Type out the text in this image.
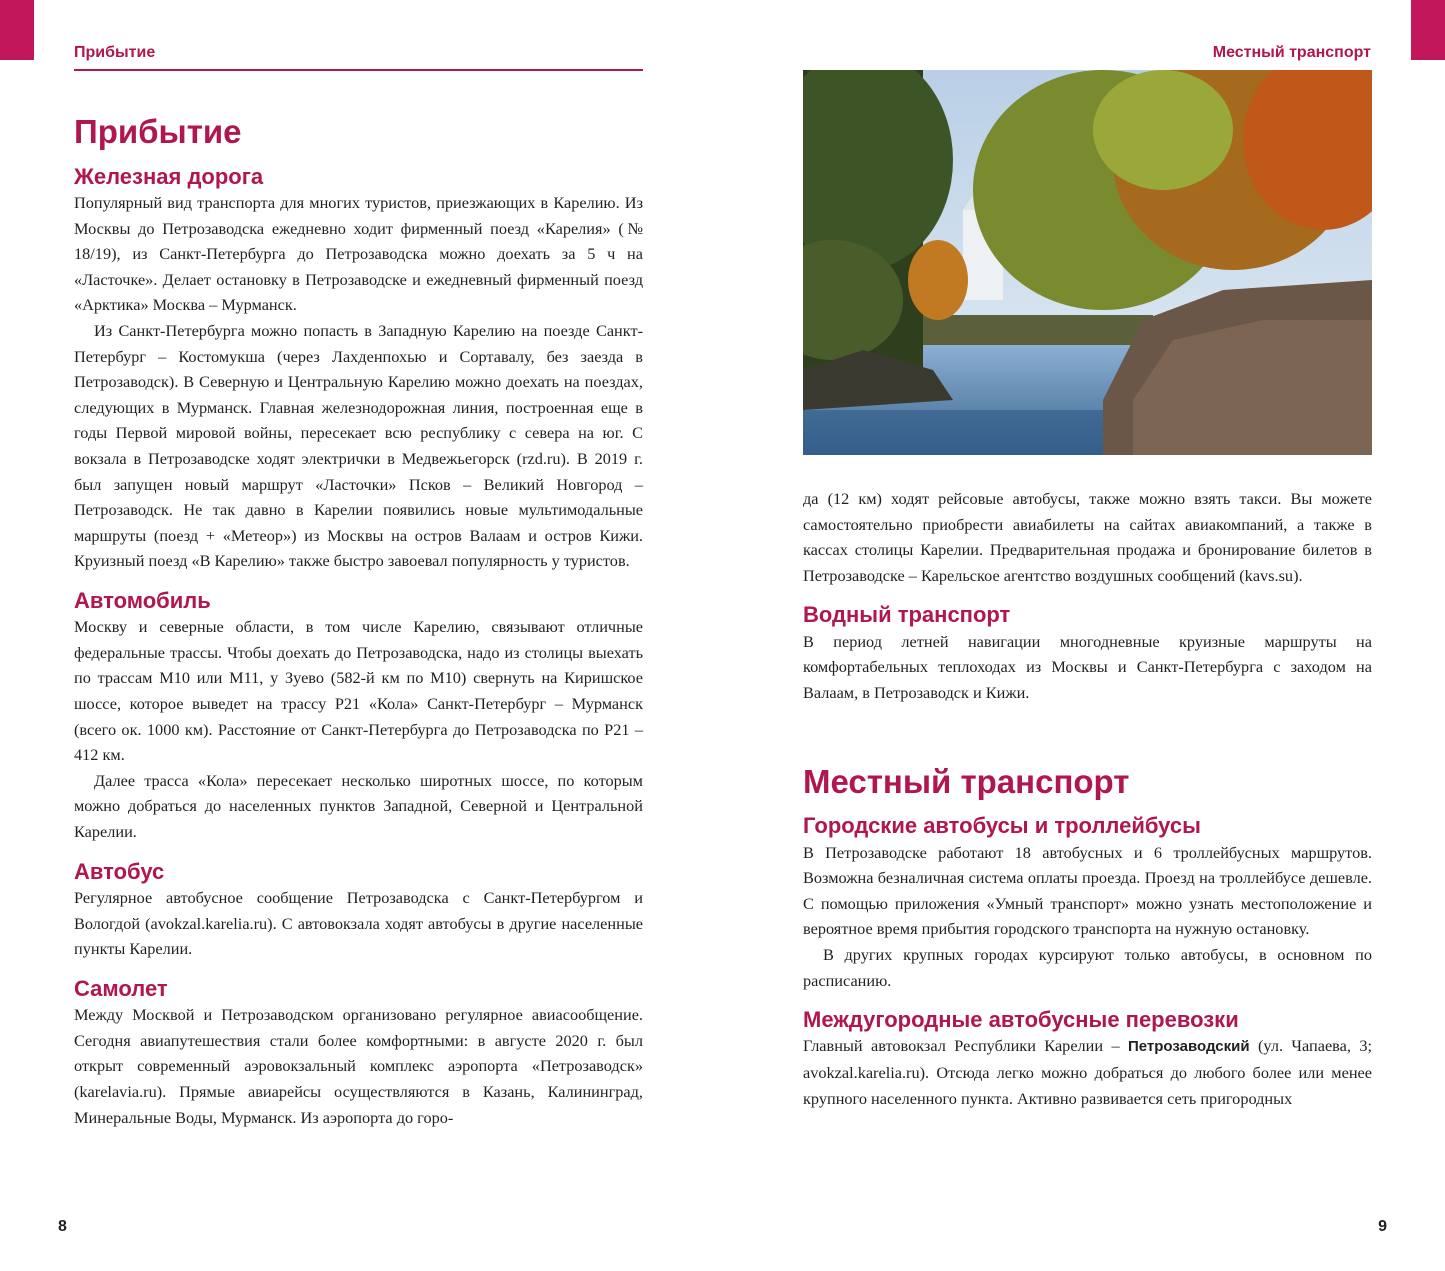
Прибытие	Местный транспорт
Прибытие
Железная дорога

Популярный вид транспорта для многих туристов, приезжающих в Карелию. Из Москвы до Петрозаводска ежедневно ходит фирменный поезд «Карелия» (№ 18/19), из Санкт-Петербурга до Петрозаводска можно доехать за 5 ч на «Ласточке». Делает остановку в Петрозаводске и ежедневный фирменный поезд «Арктика» Москва – Мурманск.

Из Санкт-Петербурга можно попасть в Западную Карелию на поезде Санкт-Петербург – Костомукша (через Лахденпохью и Сортавалу, без заезда в Петрозаводск). В Северную и Центральную Карелию можно доехать на поездах, следующих в Мурманск. Главная железнодорожная линия, построенная еще в годы Первой мировой войны, пересекает всю республику с севера на юг. С вокзала в Петрозаводске ходят электрички в Медвежьегорск (rzd.ru). В 2019 г. был запущен новый маршрут «Ласточки» Псков – Великий Новгород – Петрозаводск. Не так давно в Карелии появились новые мультимодальные маршруты (поезд + «Метеор») из Москвы на остров Валаам и остров Кижи. Круизный поезд «В Карелию» также быстро завоевал популярность у туристов.

Автомобиль

Москву и северные области, в том числе Карелию, связывают отличные федеральные трассы. Чтобы доехать до Петрозаводска, надо из столицы выехать по трассам М10 или М11, у Зуево (582-й км по М10) свернуть на Киришское шоссе, которое выведет на трассу Р21 «Кола» Санкт-Петербург – Мурманск (всего ок. 1000 км). Расстояние от Санкт-Петербурга до Петрозаводска по Р21 – 412 км.

Далее трасса «Кола» пересекает несколько широтных шоссе, по которым можно добраться до населенных пунктов Западной, Северной и Центральной Карелии.

Автобус

Регулярное автобусное сообщение Петрозаводска с Санкт-Петербургом и Вологдой (avokzal.karelia.ru). С автовокзала ходят автобусы в другие населенные пункты Карелии.

Самолет

Между Москвой и Петрозаводском организовано регулярное авиасообщение. Сегодня авиапутешествия стали более комфортными: в августе 2020 г. был открыт современный аэровокзальный комплекс аэропорта «Петрозаводск» (karelavia.ru). Прямые авиарейсы осуществляются в Казань, Калининград, Минеральные Воды, Мурманск. Из аэропорта до горо-

да (12 км) ходят рейсовые автобусы, также можно взять такси. Вы можете самостоятельно приобрести авиабилеты на сайтах авиакомпаний, а также в кассах столицы Карелии. Предварительная продажа и бронирование билетов в Петрозаводске – Карельское агентство воздушных сообщений (kavs.su).

Водный транспорт

В период летней навигации многодневные круизные маршруты на комфортабельных теплоходах из Москвы и Санкт-Петербурга с заходом на Валаам, в Петрозаводск и Кижи.

Местный транспорт
Городские автобусы и троллейбусы

В Петрозаводске работают 18 автобусных и 6 троллейбусных маршрутов. Возможна безналичная система оплаты проезда. Проезд на троллейбусе дешевле. С помощью приложения «Умный транспорт» можно узнать местоположение и вероятное время прибытия городского транспорта на нужную остановку.

В других крупных городах курсируют только автобусы, в основном по расписанию.

Междугородные автобусные перевозки

Главный автовокзал Республики Карелии – Петрозаводский (ул. Чапаева, 3; avokzal.karelia.ru). Отсюда легко можно добраться до любого более или менее крупного населенного пункта. Активно развивается сеть пригородных

8	9
